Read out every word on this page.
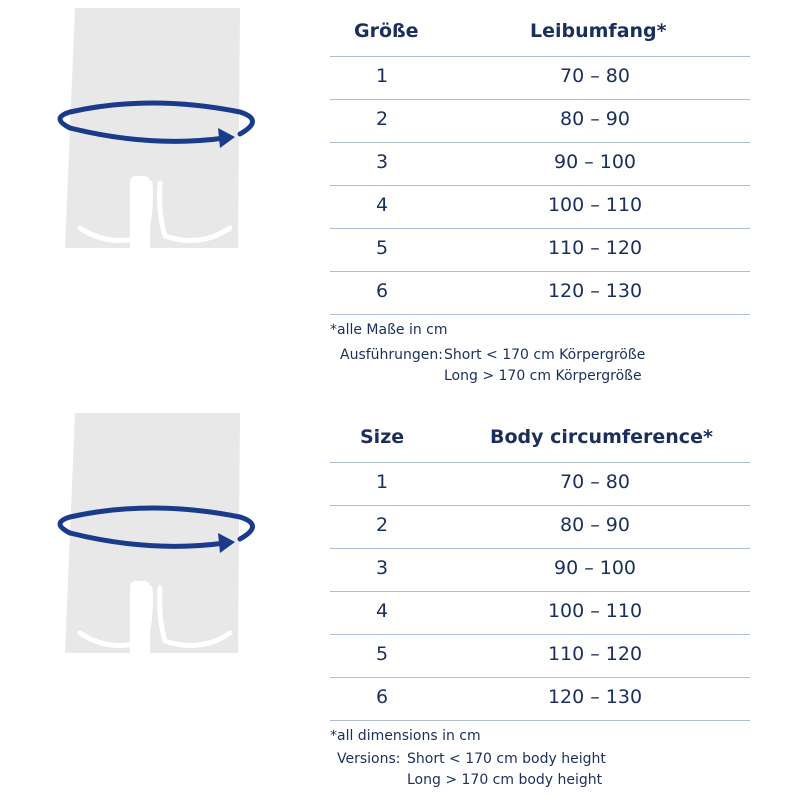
Größe	Leibumfang*
1	70 – 80
2	80 – 90
3	90 – 100
4	100 – 110
5	110 – 120
6	120 – 130
*alle Maße in cm
Ausführungen: Short < 170 cm Körpergröße
Long > 170 cm Körpergröße
Size	Body circumference*
1	70 – 80
2	80 – 90
3	90 – 100
4	100 – 110
5	110 – 120
6	120 – 130
*all dimensions in cm
Versions: Short < 170 cm body height
Long > 170 cm body height
